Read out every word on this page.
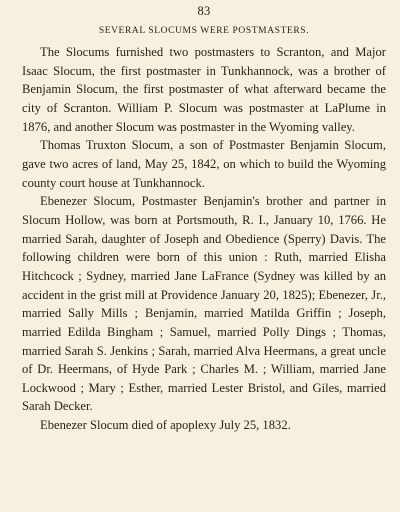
83
SEVERAL SLOCUMS WERE POSTMASTERS.

The Slocums furnished two postmasters to Scranton, and Major Isaac Slocum, the first postmaster in Tunkhannock, was a brother of Benjamin Slocum, the first postmaster of what afterward became the city of Scranton. William P. Slocum was postmaster at LaPlume in 1876, and another Slocum was postmaster in the Wyoming valley.

Thomas Truxton Slocum, a son of Postmaster Benjamin Slocum, gave two acres of land, May 25, 1842, on which to build the Wyoming county court house at Tunkhannock.

Ebenezer Slocum, Postmaster Benjamin's brother and partner in Slocum Hollow, was born at Portsmouth, R. I., January 10, 1766. He married Sarah, daughter of Joseph and Obedience (Sperry) Davis. The following children were born of this union : Ruth, married Elisha Hitchcock ; Sydney, married Jane LaFrance (Sydney was killed by an accident in the grist mill at Providence January 20, 1825); Ebenezer, Jr., married Sally Mills ; Benjamin, married Matilda Griffin ; Joseph, married Edilda Bingham ; Samuel, married Polly Dings ; Thomas, married Sarah S. Jenkins ; Sarah, married Alva Heermans, a great uncle of Dr. Heermans, of Hyde Park ; Charles M. ; William, married Jane Lockwood ; Mary ; Esther, married Lester Bristol, and Giles, married Sarah Decker.

Ebenezer Slocum died of apoplexy July 25, 1832.
